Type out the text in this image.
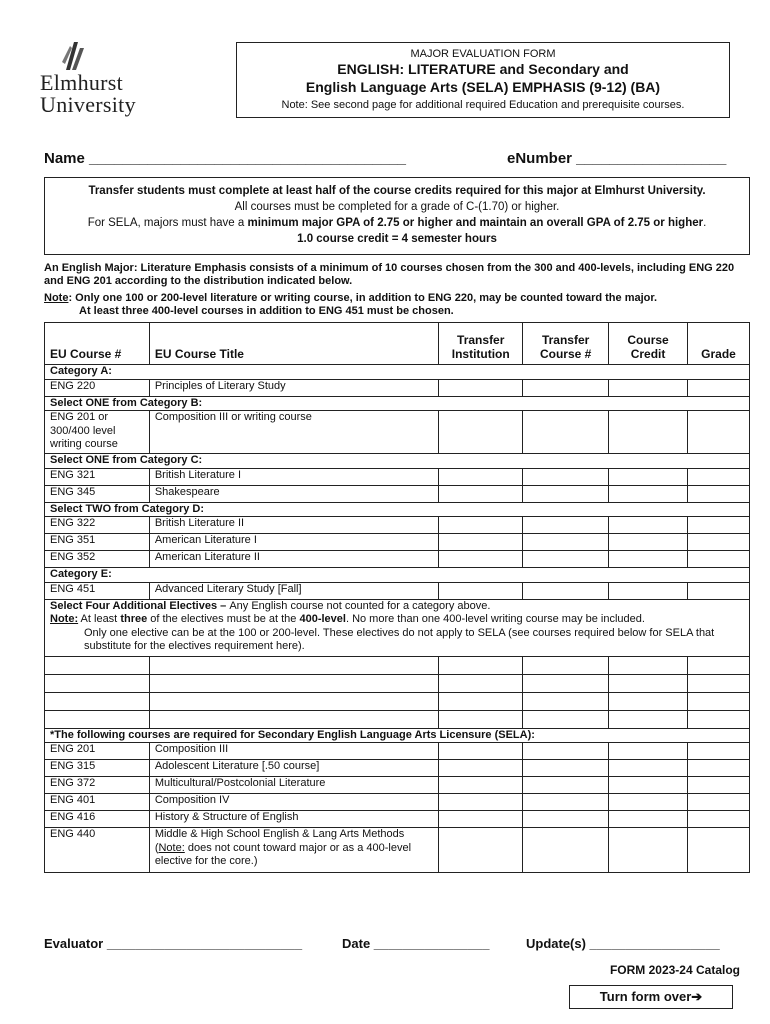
Elmhurst
University
MAJOR EVALUATION FORM
ENGLISH: LITERATURE and Secondary and
English Language Arts (SELA) EMPHASIS (9-12) (BA)
Note: See second page for additional required Education and prerequisite courses.
Name ______________________________________	eNumber __________________
Transfer students must complete at least half of the course credits required for this major at Elmhurst University.
All courses must be completed for a grade of C-(1.70) or higher.
For SELA, majors must have a minimum major GPA of 2.75 or higher and maintain an overall GPA of 2.75 or higher.
1.0 course credit = 4 semester hours
An English Major: Literature Emphasis consists of a minimum of 10 courses chosen from the 300 and 400-levels, including ENG 220 and ENG 201 according to the distribution indicated below.
Note: Only one 100 or 200-level literature or writing course, in addition to ENG 220, may be counted toward the major.
At least three 400-level courses in addition to ENG 451 must be chosen.
EU Course #	EU Course Title	Transfer Institution	Transfer Course #	Course Credit	Grade
Category A:					
ENG 220	Principles of Literary Study				
Select ONE from Category B:					
ENG 201 or 300/400 level writing course	Composition III or writing course				
Select ONE from Category C:					
ENG 321	British Literature I				
ENG 345	Shakespeare				
Select TWO from Category D:					
ENG 322	British Literature II				
ENG 351	American Literature I				
ENG 352	American Literature II				
Category E:					
ENG 451	Advanced Literary Study [Fall]				
Select Four Additional Electives – Any English course not counted for a category above.
Note: At least three of the electives must be at the 400-level. No more than one 400-level writing course may be included.

Only one elective can be at the 100 or 200-level. These electives do not apply to SELA (see courses required below for SELA that substitute for the electives requirement here).					

*The following courses are required for Secondary English Language Arts Licensure (SELA):					
ENG 201	Composition III				
ENG 315	Adolescent Literature [.50 course]				
ENG 372	Multicultural/Postcolonial Literature				
ENG 401	Composition IV				
ENG 416	History & Structure of English				
ENG 440	Middle & High School English & Lang Arts Methods
(Note: does not count toward major or as a 400-level elective for the core.)				
Evaluator ___________________________	Date ________________	Update(s) __________________
FORM 2023-24 Catalog
Turn form over➔
